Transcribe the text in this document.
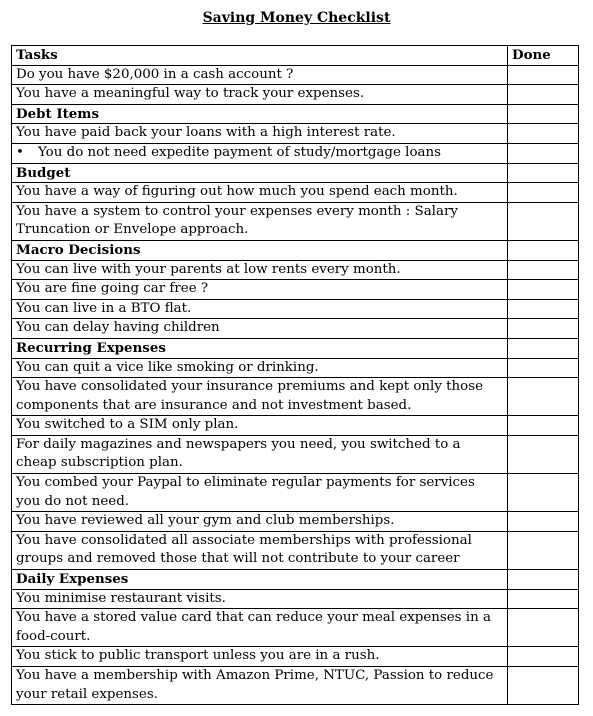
Saving Money Checklist
Tasks	Done
Do you have $20,000 in a cash account ?	
You have a meaningful way to track your expenses.	
Debt Items	
You have paid back your loans with a high interest rate.	
• You do not need expedite payment of study/mortgage loans	
Budget	
You have a way of figuring out how much you spend each month.	
You have a system to control your expenses every month : Salary Truncation or Envelope approach.	
Macro Decisions	
You can live with your parents at low rents every month.	
You are fine going car free ?	
You can live in a BTO flat.	
You can delay having children	
Recurring Expenses	
You can quit a vice like smoking or drinking.	
You have consolidated your insurance premiums and kept only those components that are insurance and not investment based.	
You switched to a SIM only plan.	
For daily magazines and newspapers you need, you switched to a cheap subscription plan.	
You combed your Paypal to eliminate regular payments for services you do not need.	
You have reviewed all your gym and club memberships.	
You have consolidated all associate memberships with professional groups and removed those that will not contribute to your career	
Daily Expenses	
You minimise restaurant visits.	
You have a stored value card that can reduce your meal expenses in a food-court.	
You stick to public transport unless you are in a rush.	
You have a membership with Amazon Prime, NTUC, Passion to reduce your retail expenses.	
